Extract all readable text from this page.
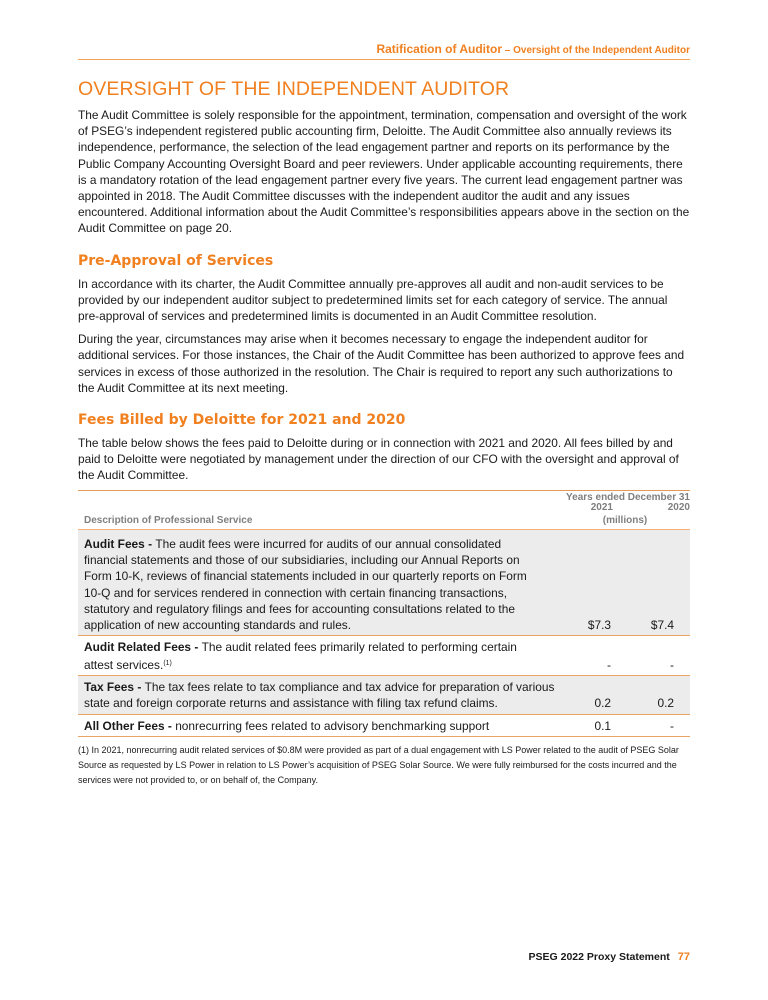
Ratification of Auditor – Oversight of the Independent Auditor
OVERSIGHT OF THE INDEPENDENT AUDITOR

The Audit Committee is solely responsible for the appointment, termination, compensation and oversight of the work of PSEG’s independent registered public accounting firm, Deloitte. The Audit Committee also annually reviews its independence, performance, the selection of the lead engagement partner and reports on its performance by the Public Company Accounting Oversight Board and peer reviewers. Under applicable accounting requirements, there is a mandatory rotation of the lead engagement partner every five years. The current lead engagement partner was appointed in 2018. The Audit Committee discusses with the independent auditor the audit and any issues encountered. Additional information about the Audit Committee’s responsibilities appears above in the section on the Audit Committee on page 20.

Pre-Approval of Services

In accordance with its charter, the Audit Committee annually pre-approves all audit and non-audit services to be provided by our independent auditor subject to predetermined limits set for each category of service. The annual pre-approval of services and predetermined limits is documented in an Audit Committee resolution.

During the year, circumstances may arise when it becomes necessary to engage the independent auditor for additional services. For those instances, the Chair of the Audit Committee has been authorized to approve fees and services in excess of those authorized in the resolution. The Chair is required to report any such authorizations to the Audit Committee at its next meeting.

Fees Billed by Deloitte for 2021 and 2020

The table below shows the fees paid to Deloitte during or in connection with 2021 and 2020. All fees billed by and paid to Deloitte were negotiated by management under the direction of our CFO with the oversight and approval of the Audit Committee.

Description of Professional Service	Years ended December 31	
	2021	2020
	(millions)	

Audit Fees - The audit fees were incurred for audits of our annual consolidated financial statements and those of our subsidiaries, including our Annual Reports on Form 10-K, reviews of financial statements included in our quarterly reports on Form 10-Q and for services rendered in connection with certain financing transactions, statutory and regulatory filings and fees for accounting consultations related to the application of new accounting standards and rules.	$7.3	$7.4
Audit Related Fees - The audit related fees primarily related to performing certain attest services.$^{(1)}$	-	-
Tax Fees - The tax fees relate to tax compliance and tax advice for preparation of various state and foreign corporate returns and assistance with filing tax refund claims.	0.2	0.2
All Other Fees - nonrecurring fees related to advisory benchmarking support	0.1	-
(1) In 2021, nonrecurring audit related services of $0.8M were provided as part of a dual engagement with LS Power related to the audit of PSEG Solar Source as requested by LS Power in relation to LS Power’s acquisition of PSEG Solar Source. We were fully reimbursed for the costs incurred and the services were not provided to, or on behalf of, the Company.
PSEG 2022 Proxy Statement 77
